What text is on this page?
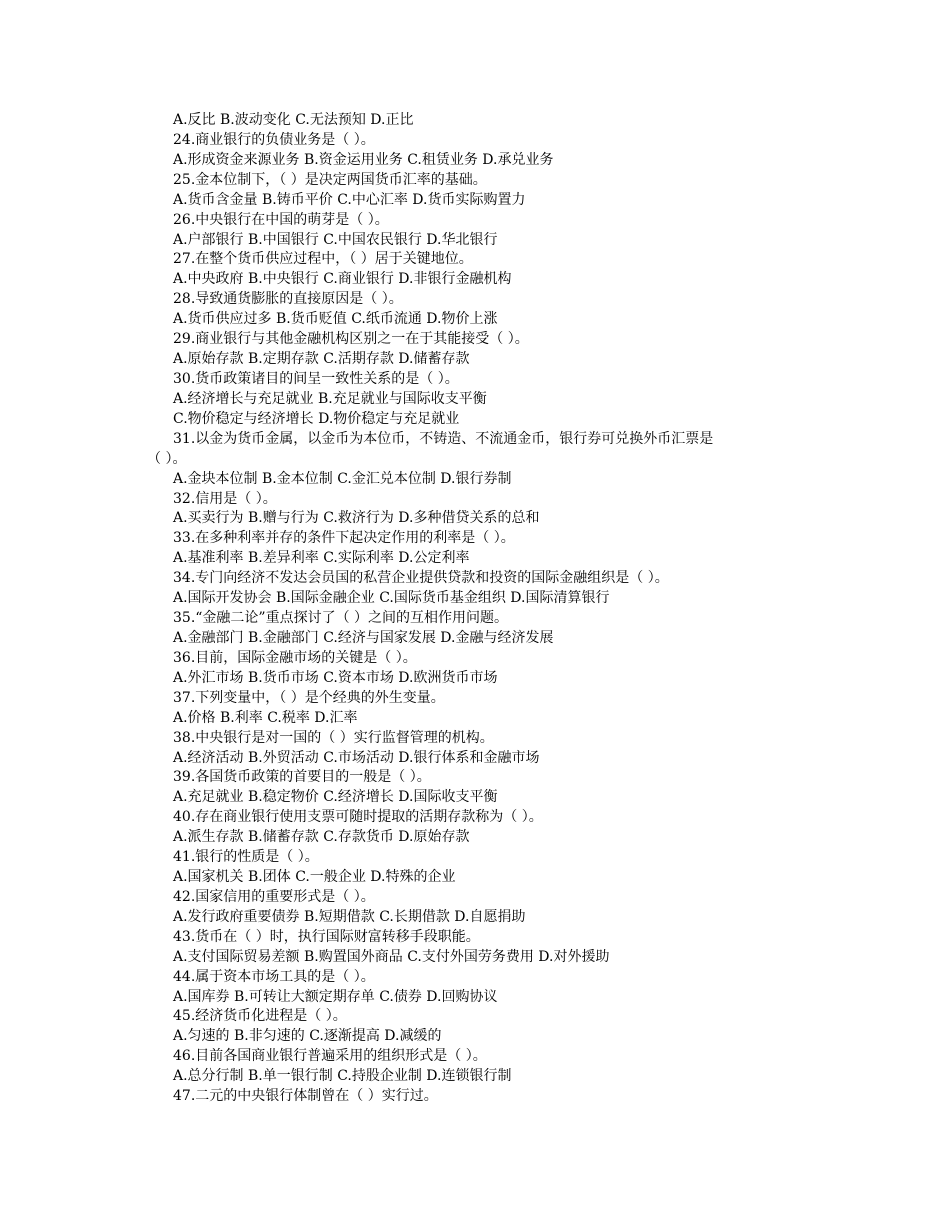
A.反比 B.波动变化 C.无法预知 D.正比
24.商业银行的负债业务是（ ）。
A.形成资金来源业务 B.资金运用业务 C.租赁业务 D.承兑业务
25.金本位制下，（ ）是决定两国货币汇率的基础。
A.货币含金量 B.铸币平价 C.中心汇率 D.货币实际购置力
26.中央银行在中国的萌芽是（ ）。
A.户部银行 B.中国银行 C.中国农民银行 D.华北银行
27.在整个货币供应过程中，（ ）居于关键地位。
A.中央政府 B.中央银行 C.商业银行 D.非银行金融机构
28.导致通货膨胀的直接原因是（ ）。
A.货币供应过多 B.货币贬值 C.纸币流通 D.物价上涨
29.商业银行与其他金融机构区别之一在于其能接受（ ）。
A.原始存款 B.定期存款 C.活期存款 D.储蓄存款
30.货币政策诸目的间呈一致性关系的是（ ）。
A.经济增长与充足就业 B.充足就业与国际收支平衡
C.物价稳定与经济增长 D.物价稳定与充足就业
31.以金为货币金属，以金币为本位币，不铸造、不流通金币，银行券可兑换外币汇票是
（ ）。
A.金块本位制 B.金本位制 C.金汇兑本位制 D.银行券制
32.信用是（ ）。
A.买卖行为 B.赠与行为 C.救济行为 D.多种借贷关系的总和
33.在多种利率并存的条件下起决定作用的利率是（ ）。
A.基准利率 B.差异利率 C.实际利率 D.公定利率
34.专门向经济不发达会员国的私营企业提供贷款和投资的国际金融组织是（ ）。
A.国际开发协会 B.国际金融企业 C.国际货币基金组织 D.国际清算银行
35.“金融二论”重点探讨了（ ）之间的互相作用问题。
A.金融部门 B.金融部门 C.经济与国家发展 D.金融与经济发展
36.目前，国际金融市场的关键是（ ）。
A.外汇市场 B.货币市场 C.资本市场 D.欧洲货币市场
37.下列变量中，（ ）是个经典的外生变量。
A.价格 B.利率 C.税率 D.汇率
38.中央银行是对一国的（ ）实行监督管理的机构。
A.经济活动 B.外贸活动 C.市场活动 D.银行体系和金融市场
39.各国货币政策的首要目的一般是（ ）。
A.充足就业 B.稳定物价 C.经济增长 D.国际收支平衡
40.存在商业银行使用支票可随时提取的活期存款称为（ ）。
A.派生存款 B.储蓄存款 C.存款货币 D.原始存款
41.银行的性质是（ ）。
A.国家机关 B.团体 C.一般企业 D.特殊的企业
42.国家信用的重要形式是（ ）。
A.发行政府重要债券 B.短期借款 C.长期借款 D.自愿捐助
43.货币在（ ）时，执行国际财富转移手段职能。
A.支付国际贸易差额 B.购置国外商品 C.支付外国劳务费用 D.对外援助
44.属于资本市场工具的是（ ）。
A.国库券 B.可转让大额定期存单 C.债券 D.回购协议
45.经济货币化进程是（ ）。
A.匀速的 B.非匀速的 C.逐渐提高 D.减缓的
46.目前各国商业银行普遍采用的组织形式是（ ）。
A.总分行制 B.单一银行制 C.持股企业制 D.连锁银行制
47.二元的中央银行体制曾在（ ）实行过。
